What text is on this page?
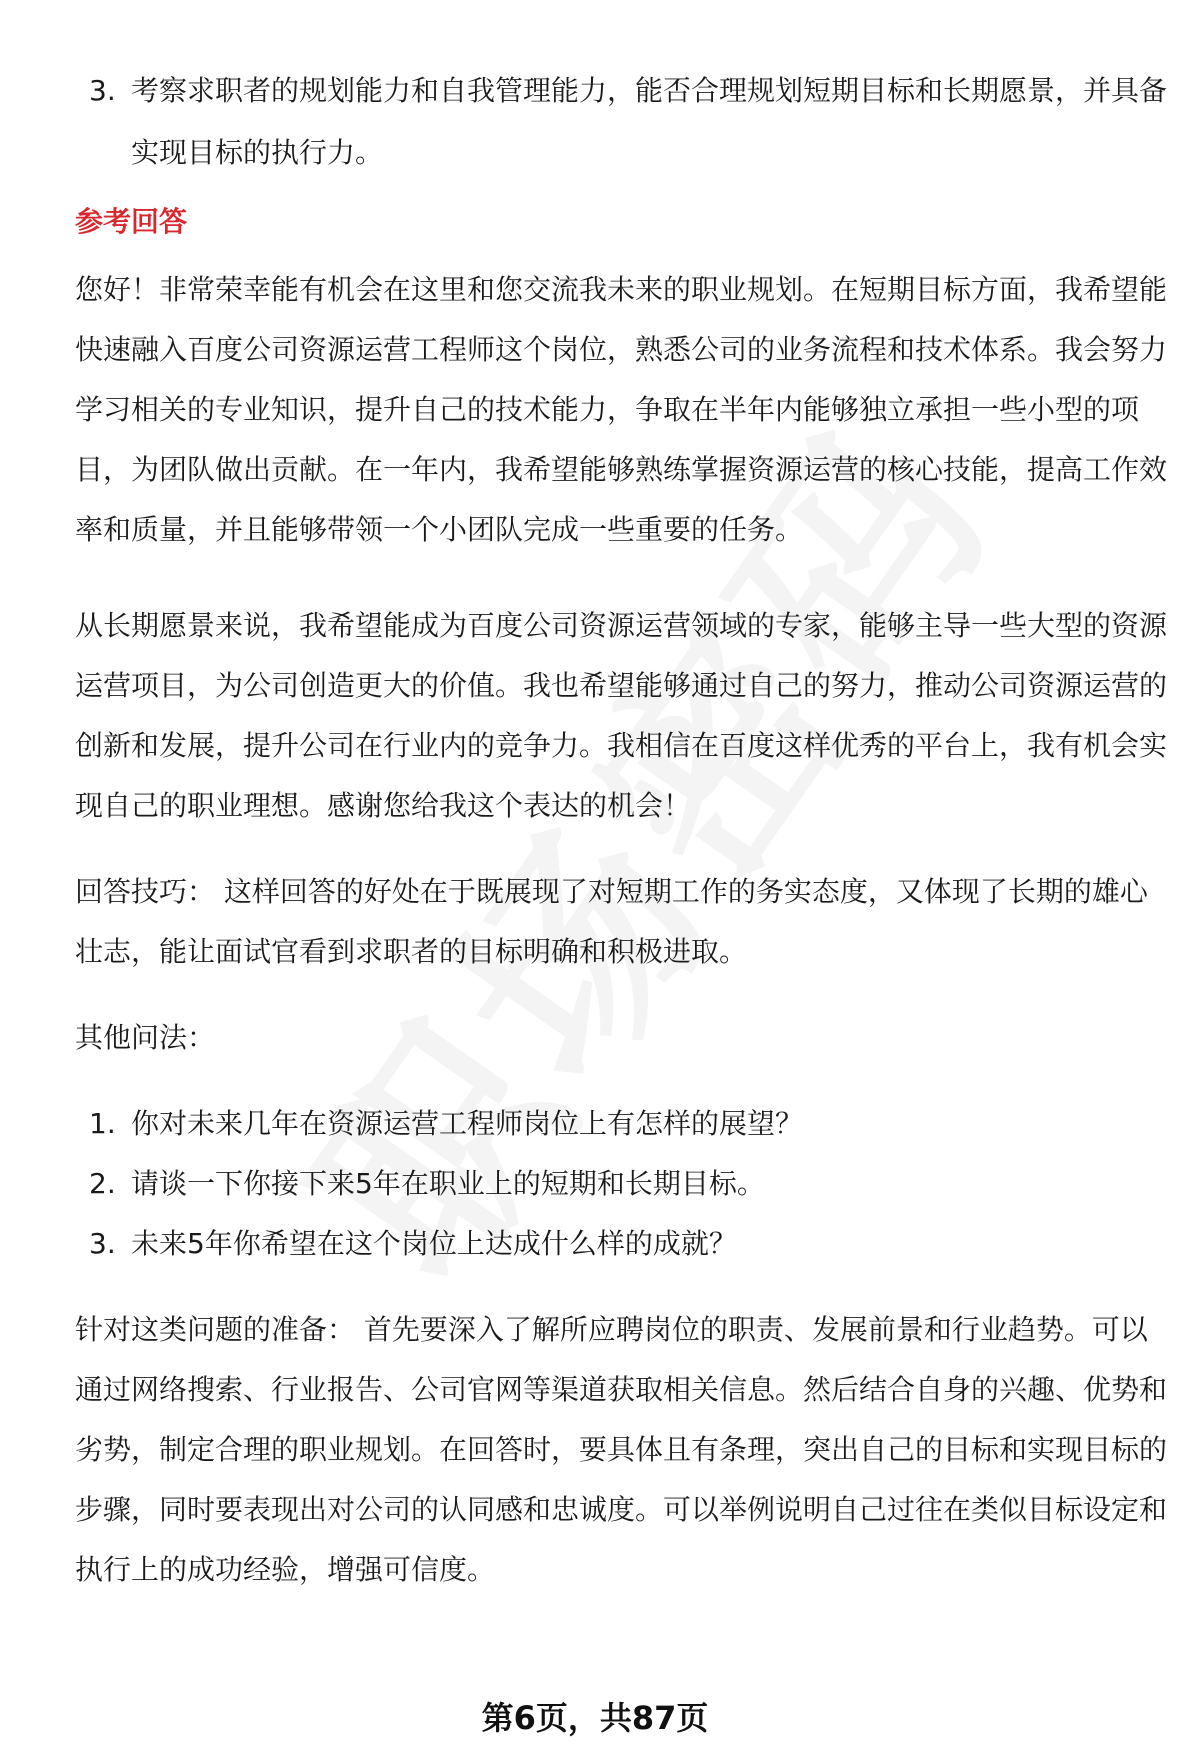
3. 考察求职者的规划能力和自我管理能力，能否合理规划短期目标和长期愿景，并具备实现目标的执行力。
参考回答

您好！非常荣幸能有机会在这里和您交流我未来的职业规划。在短期目标方面，我希望能快速融入百度公司资源运营工程师这个岗位，熟悉公司的业务流程和技术体系。我会努力学习相关的专业知识，提升自己的技术能力，争取在半年内能够独立承担一些小型的项目，为团队做出贡献。在一年内，我希望能够熟练掌握资源运营的核心技能，提高工作效率和质量，并且能够带领一个小团队完成一些重要的任务。

从长期愿景来说，我希望能成为百度公司资源运营领域的专家，能够主导一些大型的资源运营项目，为公司创造更大的价值。我也希望能够通过自己的努力，推动公司资源运营的创新和发展，提升公司在行业内的竞争力。我相信在百度这样优秀的平台上，我有机会实现自己的职业理想。感谢您给我这个表达的机会！

回答技巧： 这样回答的好处在于既展现了对短期工作的务实态度，又体现了长期的雄心壮志，能让面试官看到求职者的目标明确和积极进取。

其他问法：

1. 你对未来几年在资源运营工程师岗位上有怎样的展望？
2. 请谈一下你接下来5年在职业上的短期和长期目标。
3. 未来5年你希望在这个岗位上达成什么样的成就？

针对这类问题的准备： 首先要深入了解所应聘岗位的职责、发展前景和行业趋势。可以通过网络搜索、行业报告、公司官网等渠道获取相关信息。然后结合自身的兴趣、优势和劣势，制定合理的职业规划。在回答时，要具体且有条理，突出自己的目标和实现目标的步骤，同时要表现出对公司的认同感和忠诚度。可以举例说明自己过往在类似目标设定和执行上的成功经验，增强可信度。

第6页，共87页
